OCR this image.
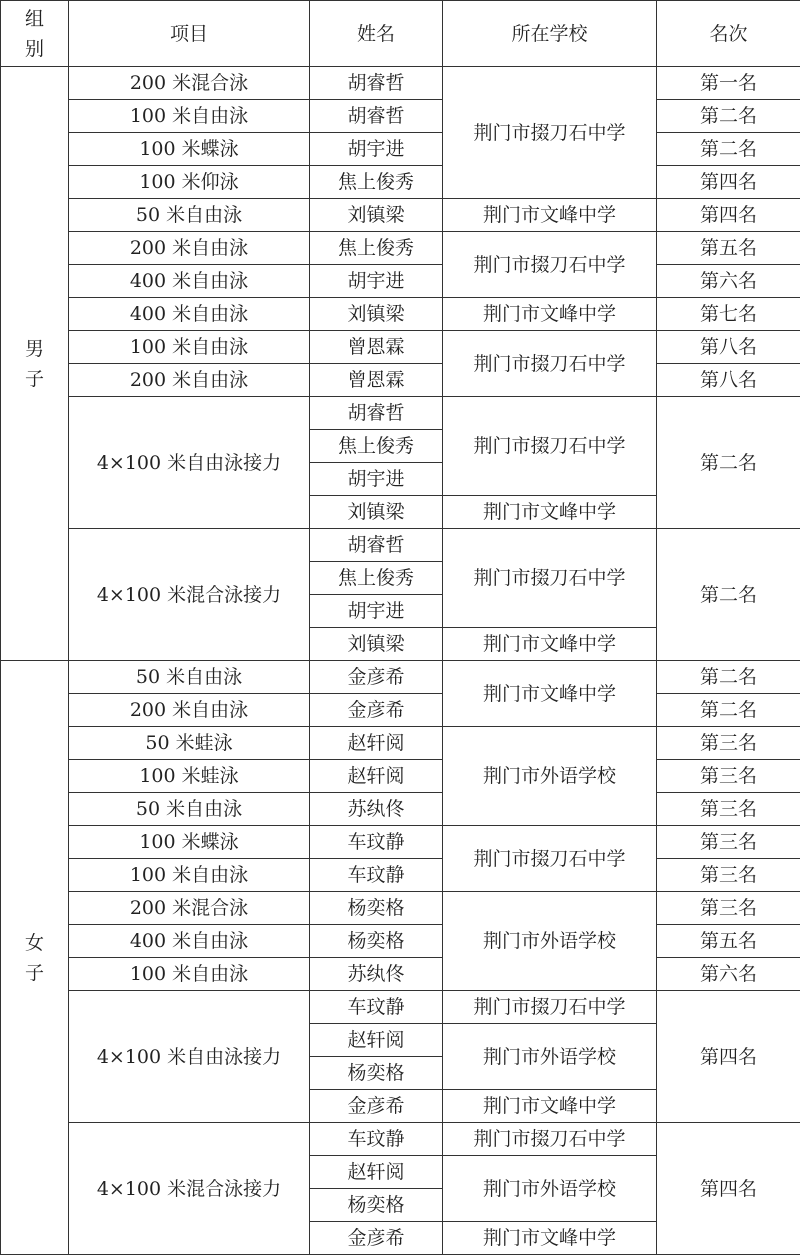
组别	项目	姓名	所在学校	名次
男子	200 米混合泳	胡睿哲	荆门市掇刀石中学	第一名
	100 米自由泳	胡睿哲		第二名
	100 米蝶泳	胡宇进		第二名
	100 米仰泳	焦上俊秀		第四名
	50 米自由泳	刘镇梁	荆门市文峰中学	第四名
	200 米自由泳	焦上俊秀	荆门市掇刀石中学	第五名
	400 米自由泳	胡宇进		第六名
	400 米自由泳	刘镇梁	荆门市文峰中学	第七名
	100 米自由泳	曾恩霖	荆门市掇刀石中学	第八名
	200 米自由泳	曾恩霖		第八名
	4×100 米自由泳接力	胡睿哲	荆门市掇刀石中学	第二名
		焦上俊秀		
		胡宇进		
		刘镇梁	荆门市文峰中学	
	4×100 米混合泳接力	胡睿哲	荆门市掇刀石中学	第二名
		焦上俊秀		
		胡宇进		
		刘镇梁	荆门市文峰中学	
女子	50 米自由泳	金彦希	荆门市文峰中学	第二名
	200 米自由泳	金彦希		第二名
	50 米蛙泳	赵轩阅	荆门市外语学校	第三名
	100 米蛙泳	赵轩阅		第三名
	50 米自由泳	苏纨佟		第三名
	100 米蝶泳	车玟静	荆门市掇刀石中学	第三名
	100 米自由泳	车玟静		第三名
	200 米混合泳	杨奕格	荆门市外语学校	第三名
	400 米自由泳	杨奕格		第五名
	100 米自由泳	苏纨佟		第六名
	4×100 米自由泳接力	车玟静	荆门市掇刀石中学	第四名
		赵轩阅	荆门市外语学校	
		杨奕格		
		金彦希	荆门市文峰中学	
	4×100 米混合泳接力	车玟静	荆门市掇刀石中学	第四名
		赵轩阅	荆门市外语学校	
		杨奕格		
		金彦希	荆门市文峰中学	
